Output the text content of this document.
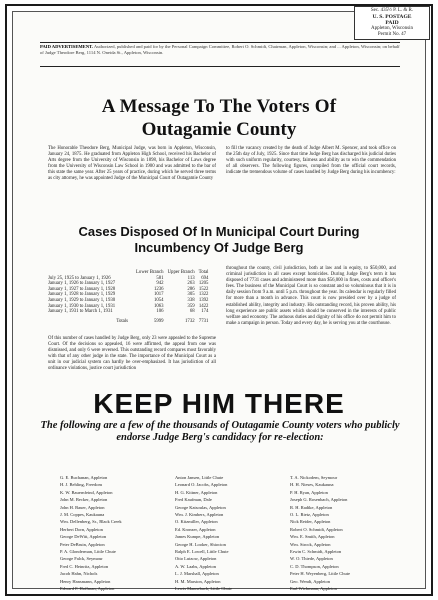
Sec. 435½ P. L. & R.
U. S. POSTAGE
PAID
Appleton, Wisconsin
Permit No. 47
PAID ADVERTISEMENT. Authorized, published and paid for by the Personal Campaign Committee, Robert O. Schmidt, Chairman, Appleton, Wisconsin; and ... Appleton, Wisconsin; on behalf of Judge Theodore Berg, 1114 N. Oneida St., Appleton, Wisconsin.
A Message To The Voters Of
Outagamie County
The Honorable Theodore Berg, Municipal Judge, was born in Appleton, Wisconsin, January 24, 1875. He graduated from Appleton High School, received his Bachelor of Arts degree from the University of Wisconsin in 1898, his Bachelor of Laws degree from the University of Wisconsin Law School in 1900 and was admitted to the bar of this state the same year. After 25 years of practice, during which he served three terms as city attorney, he was appointed Judge of the Municipal Court of Outagamie County
to fill the vacancy created by the death of Judge Albert M. Spencer, and took office on the 25th day of July, 1925. Since that time Judge Berg has discharged his judicial duties with such uniform regularity, courtesy, fairness and ability as to win the commendation of all observers. The following figures, compiled from the official court records, indicate the tremendous volume of cases handled by Judge Berg during his incumbency:
Cases Disposed Of In Municipal Court During
Incumbency Of Judge Berg
	Lower Branch	Upper Branch	Total
July 25, 1925 to January 1, 1926	581	113	694
January 1, 1926 to January 1, 1927	942	263	1205
January 1, 1927 to January 1, 1928	1236	286	1522
January 1, 1928 to January 1, 1929	1017	305	1322
January 1, 1929 to January 1, 1930	1054	338	1392
January 1, 1930 to January 1, 1931	1063	359	1422
January 1, 1931 to March 1, 1931	106	68	174
Totals	5999	1732	7731
Of this number of cases handled by Judge Berg, only 23 were appealed to the Supreme Court. Of the decisions so appealed, 16 were affirmed, the appeal from one was dismissed, and only 6 were reversed. This outstanding record compares most favorably with that of any other judge in the state. The importance of the Municipal Court as a unit in our judicial system can hardly be over-emphasized. It has jurisdiction of all ordinance violations, justice court jurisdiction
throughout the county, civil jurisdiction, both at law and in equity, to $50,000, and criminal jurisdiction in all cases except homicides. During Judge Berg's term it has disposed of 7731 cases and administered more than $56,000 in fines, costs and officer's fees. The business of the Municipal Court is so constant and so voluminous that it is in daily session from 9 a.m. until 5 p.m. throughout the year. Its calendar is regularly filled for more than a month in advance. This court is now presided over by a judge of established ability, integrity and industry. His outstanding record, his proven ability, his long experience are public assets which should be conserved in the interests of public welfare and economy. The arduous duties and dignity of his office do not permit him to make a campaign in person. Today and every day, he is serving you at the courthouse.
KEEP HIM THERE
The following are a few of the thousands of Outagamie County voters who publicly endorse Judge Berg's candidacy for re-election:
G. E. Buchanan, Appleton
H. J. Behling, Freedom
K. W. Bauernfeind, Appleton
John M. Becker, Appleton
John H. Bauer, Appleton
J. M. Coppes, Kaukauna
Wm. Dellenberg, Sr., Black Creek
Herbert Dorn, Appleton
George DeWitt, Appleton
Peter DeBruin, Appleton
P. A. Glonderman, Little Chute
George Falck, Seymour
Fred C. Heinritz, Appleton
Jacob Hahn, Nichols
Henry Hansmann, Appleton
Edward F. Hoffman, Appleton
Anton Jansen, Little Chute
Leonard O. Jacobs, Appleton
H. G. Kittner, Appleton
Fred Kaufman, Dale
George Katsoulas, Appleton
Wm. J. Kimbers, Appleton
O. Kitzmiller, Appleton
Ed. Kronzer, Appleton
James Kumpe, Appleton
George H. Looker, Shiocton
Ralph E. Lowell, Little Chute
Otto Lutzow, Appleton
A. W. Laabs, Appleton
L. J. Marshall, Appleton
H. M. Marston, Appleton
Lewis Mannebach, Little Chute
T. A. Nickodem, Seymour
H. H. Nieses, Kaukauna
P. H. Ryan, Appleton
Joseph G. Rosenbach, Appleton
R. H. Radtke, Appleton
O. L. Rietz, Appleton
Nick Reider, Appleton
Robert O. Schmidt, Appleton
Wm. E. Smith, Appleton
Wm. Strock, Appleton
Erwin C. Schmidt, Appleton
W. O. Thiede, Appleton
C. D. Thompson, Appleton
Peter H. Weyenberg, Little Chute
Geo. Wendt, Appleton
Earl Wichmann, Appleton
